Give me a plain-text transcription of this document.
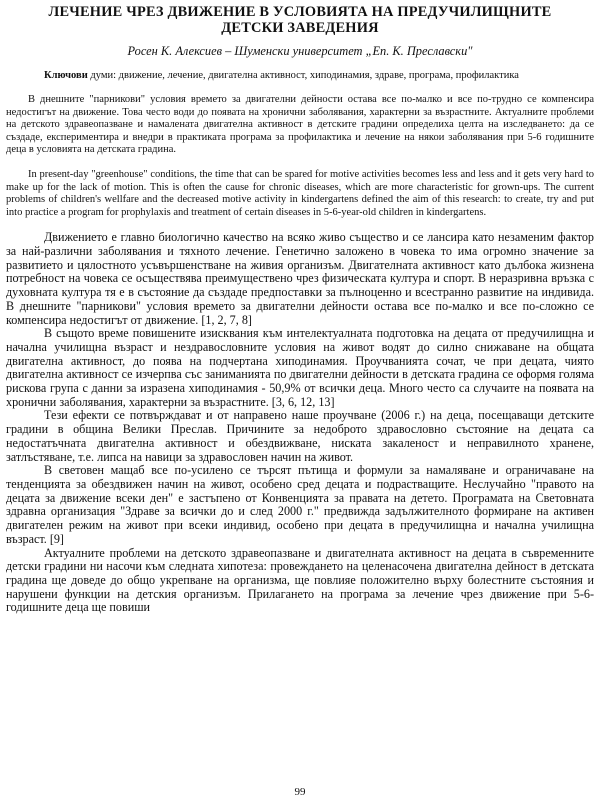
ЛЕЧЕНИЕ ЧРЕЗ ДВИЖЕНИЕ В УСЛОВИЯТА НА ПРЕДУЧИЛИЩНИТЕ ДЕТСКИ ЗАВЕДЕНИЯ
Росен К. Алексиев – Шуменски университет „Еп. К. Преславски"

Ключови думи: движение, лечение, двигателна активност, хиподинамия, здраве, програма, профилактика

В днешните "парникови" условия времето за двигателни дейности остава все по-малко и все по-трудно се компенсира недостигът на движение. Това често води до появата на хронични заболявания, характерни за възрастните. Актуалните проблеми на детското здравеопазване и намалената двигателна активност в детските градини определиха целта на изследването: да се създаде, експериментира и внедри в практиката програма за профилактика и лечение на някои заболявания при 5-6 годишните деца в условията на детската градина.

In present-day "greenhouse" conditions, the time that can be spared for motive activities becomes less and less and it gets very hard to make up for the lack of motion. This is often the cause for chronic diseases, which are more characteristic for grown-ups. The current problems of children's wellfare and the decreased motive activity in kindergartens defined the aim of this research: to create, try and put into practice a program for prophylaxis and treatment of certain diseases in 5-6-year-old children in kindergartens.

Движението е главно биологично качество на всяко живо същество и се лансира като незаменим фактор за най-различни заболявания и тяхното лечение. Генетично заложено в човека то има огромно значение за развитието и цялостното усъвършенстване на живия организъм. Двигателната активност като дълбока жизнена потребност на човека се осъществява преимуществено чрез физическата култура и спорт. В неразривна връзка с духовната култура тя е в състояние да създаде предпоставки за пълноценно и всестранно развитие на индивида. В днешните "парникови" условия времето за двигателни дейности остава все по-малко и все по-сложно се компенсира недостигът от движение. [1, 2, 7, 8]

В същото време повишените изисквания към интелектуалната подготовка на децата от предучилищна и начална училищна възраст и нездравословните условия на живот водят до силно снижаване на общата двигателна активност, до поява на подчертана хиподинамия. Проучванията сочат, че при децата, чиято двигателна активност се изчерпва със заниманията по двигателни дейности в детската градина се оформя голяма рискова група с данни за изразена хиподинамия - 50,9% от всички деца. Много често са случаите на появата на хронични заболявания, характерни за възрастните. [3, 6, 12, 13]

Тези ефекти се потвърждават и от направено наше проучване (2006 г.) на деца, посещаващи детските градини в община Велики Преслав. Причините за недоброто здравословно състояние на децата са недостатъчната двигателна активност и обездвижване, ниската закаленост и неправилното хранене, затлъстяване, т.е. липса на навици за здравословен начин на живот.

В световен мащаб все по-усилено се търсят пътища и формули за намаляване и ограничаване на тенденцията за обездвижен начин на живот, особено сред децата и подрастващите. Неслучайно "правото на децата за движение всеки ден" е застъпено от Конвенцията за правата на детето. Програмата на Световната здравна организация "Здраве за всички до и след 2000 г." предвижда задължителното формиране на активен двигателен режим на живот при всеки индивид, особено при децата в предучилищна и начална училищна възраст. [9]

Актуалните проблеми на детското здравеопазване и двигателната активност на децата в съвременните детски градини ни насочи към следната хипотеза: провеждането на целенасочена двигателна дейност в детската градина ще доведе до общо укрепване на организма, ще повлияе положително върху болестните състояния и нарушени функции на детския организъм. Прилагането на програма за лечение чрез движение при 5-6-годишните деца ще повиши

99
